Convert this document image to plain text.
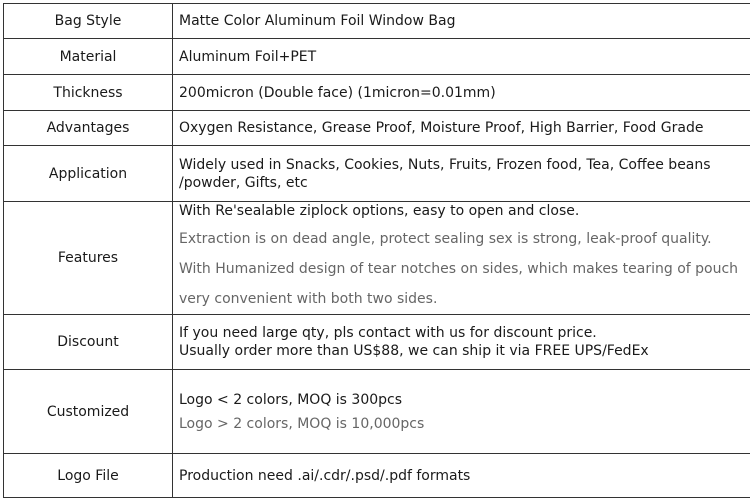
Bag Style	Matte Color Aluminum Foil Window Bag

Material	Aluminum Foil+PET

Thickness	200micron (Double face) (1micron=0.01mm)

Advantages	Oxygen Resistance, Grease Proof, Moisture Proof, High Barrier, Food Grade

Application	Widely used in Snacks, Cookies, Nuts, Fruits, Frozen food, Tea, Coffee beans
/powder, Gifts, etc

Features	With Re'sealable ziplock options, easy to open and close.
Extraction is on dead angle, protect sealing sex is strong, leak-proof quality.
With Humanized design of tear notches on sides, which makes tearing of pouch
very convenient with both two sides.

Discount	If you need large qty, pls contact with us for discount price.
Usually order more than US$88, we can ship it via FREE UPS/FedEx

Customized	Logo < 2 colors, MOQ is 300pcs
Logo > 2 colors, MOQ is 10,000pcs

Logo File	Production need .ai/.cdr/.psd/.pdf formats
